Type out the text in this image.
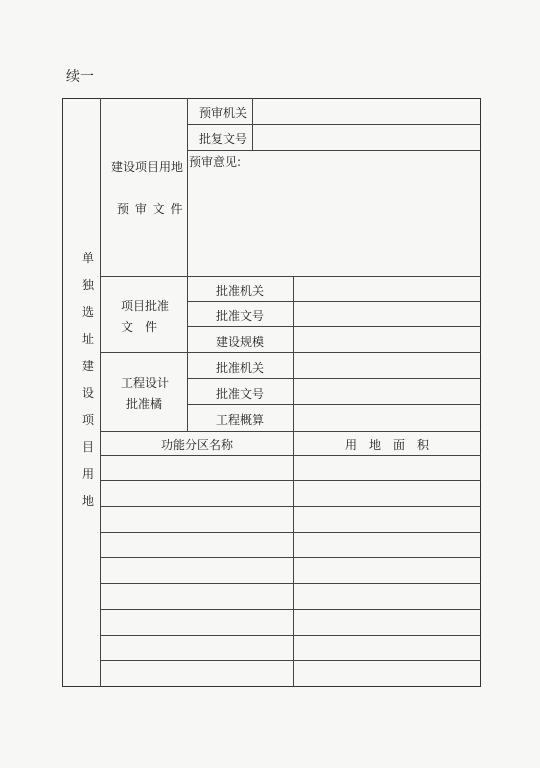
续一
单
独
选
址
建
设
项
目
用
地
建设项目用地
预 审 文 件
预审机关
批复文号
预审意见:
项目批准
文　件
批准机关
批准文号
建设规模
工程设计
批准橘
批准机关
批准文号
工程概算
功能分区名称	用　地　面　积
